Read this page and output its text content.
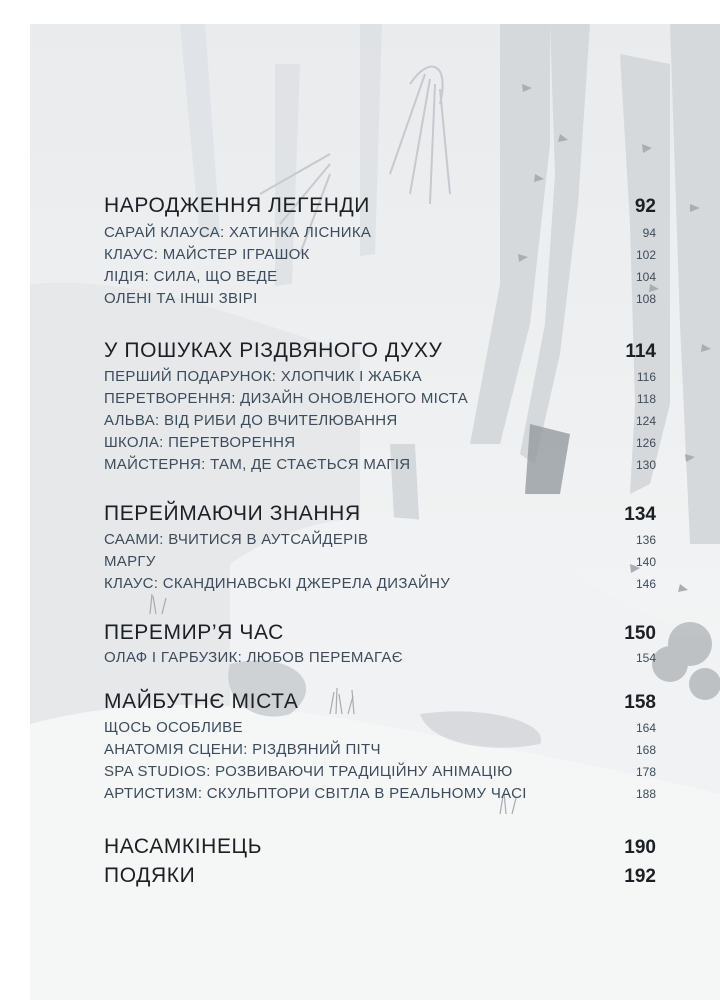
НАРОДЖЕННЯ ЛЕГЕНДИ	92
САРАЙ КЛАУСА: ХАТИНКА ЛІСНИКА	94
КЛАУС: МАЙСТЕР ІГРАШОК	102
ЛІДІЯ: СИЛА, ЩО ВЕДЕ	104
ОЛЕНІ ТА ІНШІ ЗВІРІ	108
У ПОШУКАХ РІЗДВЯНОГО ДУХУ	114
ПЕРШИЙ ПОДАРУНОК: ХЛОПЧИК І ЖАБКА	116
ПЕРЕТВОРЕННЯ: ДИЗАЙН ОНОВЛЕНОГО МІСТА	118
АЛЬВА: ВІД РИБИ ДО ВЧИТЕЛЮВАННЯ	124
ШКОЛА: ПЕРЕТВОРЕННЯ	126
МАЙСТЕРНЯ: ТАМ, ДЕ СТАЄТЬСЯ МАГІЯ	130
ПЕРЕЙМАЮЧИ ЗНАННЯ	134
СААМИ: ВЧИТИСЯ В АУТСАЙДЕРІВ	136
МАРГУ	140
КЛАУС: СКАНДИНАВСЬКІ ДЖЕРЕЛА ДИЗАЙНУ	146
ПЕРЕМИР’Я ЧАС	150
ОЛАФ І ГАРБУЗИК: ЛЮБОВ ПЕРЕМАГАЄ	154
МАЙБУТНЄ МІСТА	158
ЩОСЬ ОСОБЛИВЕ	164
АНАТОМІЯ СЦЕНИ: РІЗДВЯНИЙ ПІТЧ	168
SPA STUDIOS: РОЗВИВАЮЧИ ТРАДИЦІЙНУ АНІМАЦІЮ	178
АРТИСТИЗМ: СКУЛЬПТОРИ СВІТЛА В РЕАЛЬНОМУ ЧАСІ	188
НАСАМКІНЕЦЬ	190
ПОДЯКИ	192
